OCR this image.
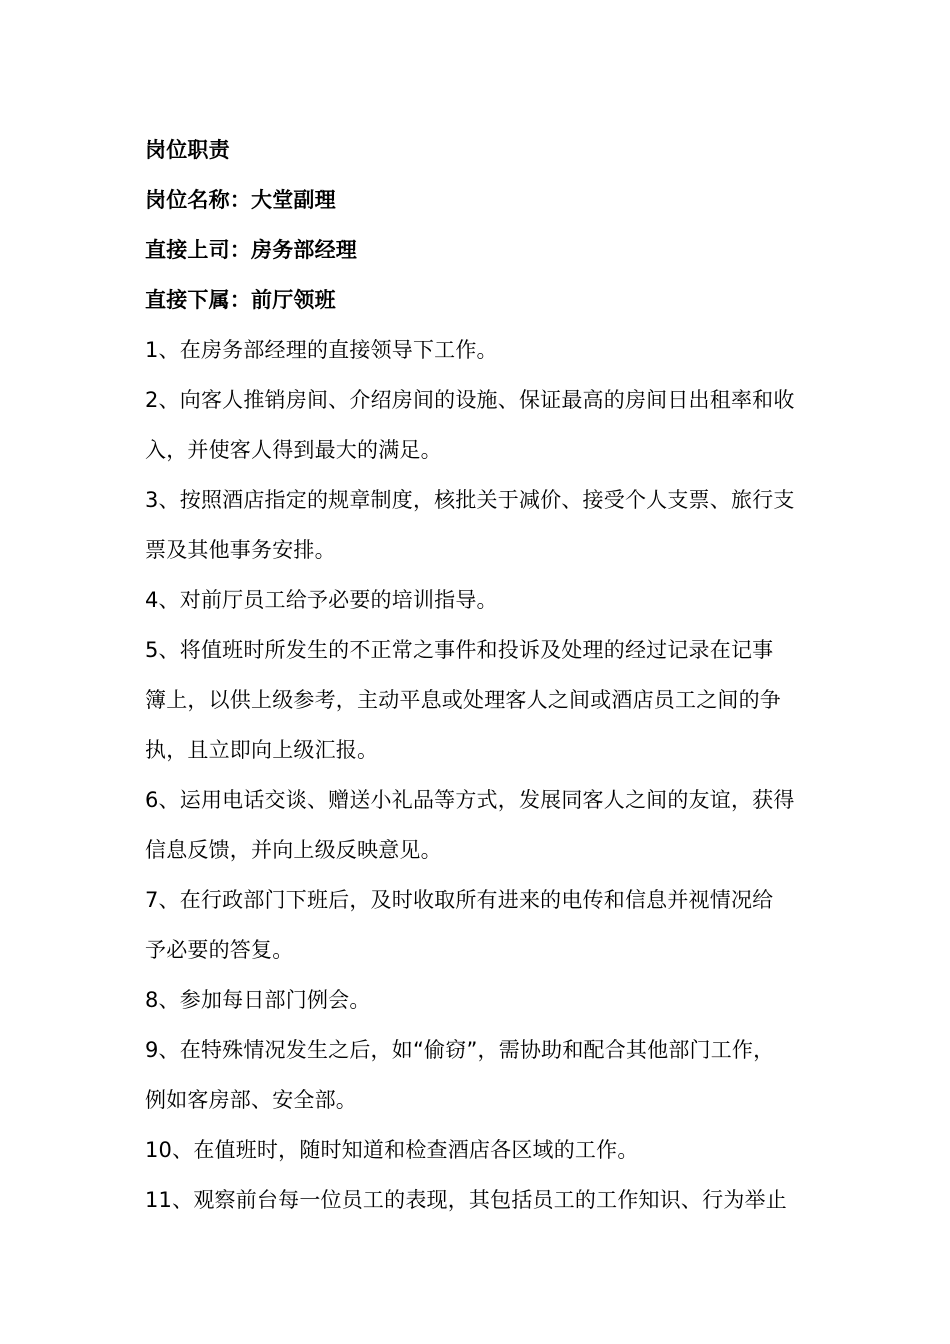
岗位职责
岗位名称：大堂副理
直接上司：房务部经理
直接下属：前厅领班
1、在房务部经理的直接领导下工作。
2、向客人推销房间、介绍房间的设施、保证最高的房间日出租率和收
入，并使客人得到最大的满足。
3、按照酒店指定的规章制度，核批关于减价、接受个人支票、旅行支
票及其他事务安排。
4、对前厅员工给予必要的培训指导。
5、将值班时所发生的不正常之事件和投诉及处理的经过记录在记事
簿上，以供上级参考，主动平息或处理客人之间或酒店员工之间的争
执，且立即向上级汇报。
6、运用电话交谈、赠送小礼品等方式，发展同客人之间的友谊，获得
信息反馈，并向上级反映意见。
7、在行政部门下班后，及时收取所有进来的电传和信息并视情况给
予必要的答复。
8、参加每日部门例会。
9、在特殊情况发生之后，如“偷窃”，需协助和配合其他部门工作，
例如客房部、安全部。
10、在值班时，随时知道和检查酒店各区域的工作。
11、观察前台每一位员工的表现，其包括员工的工作知识、行为举止
